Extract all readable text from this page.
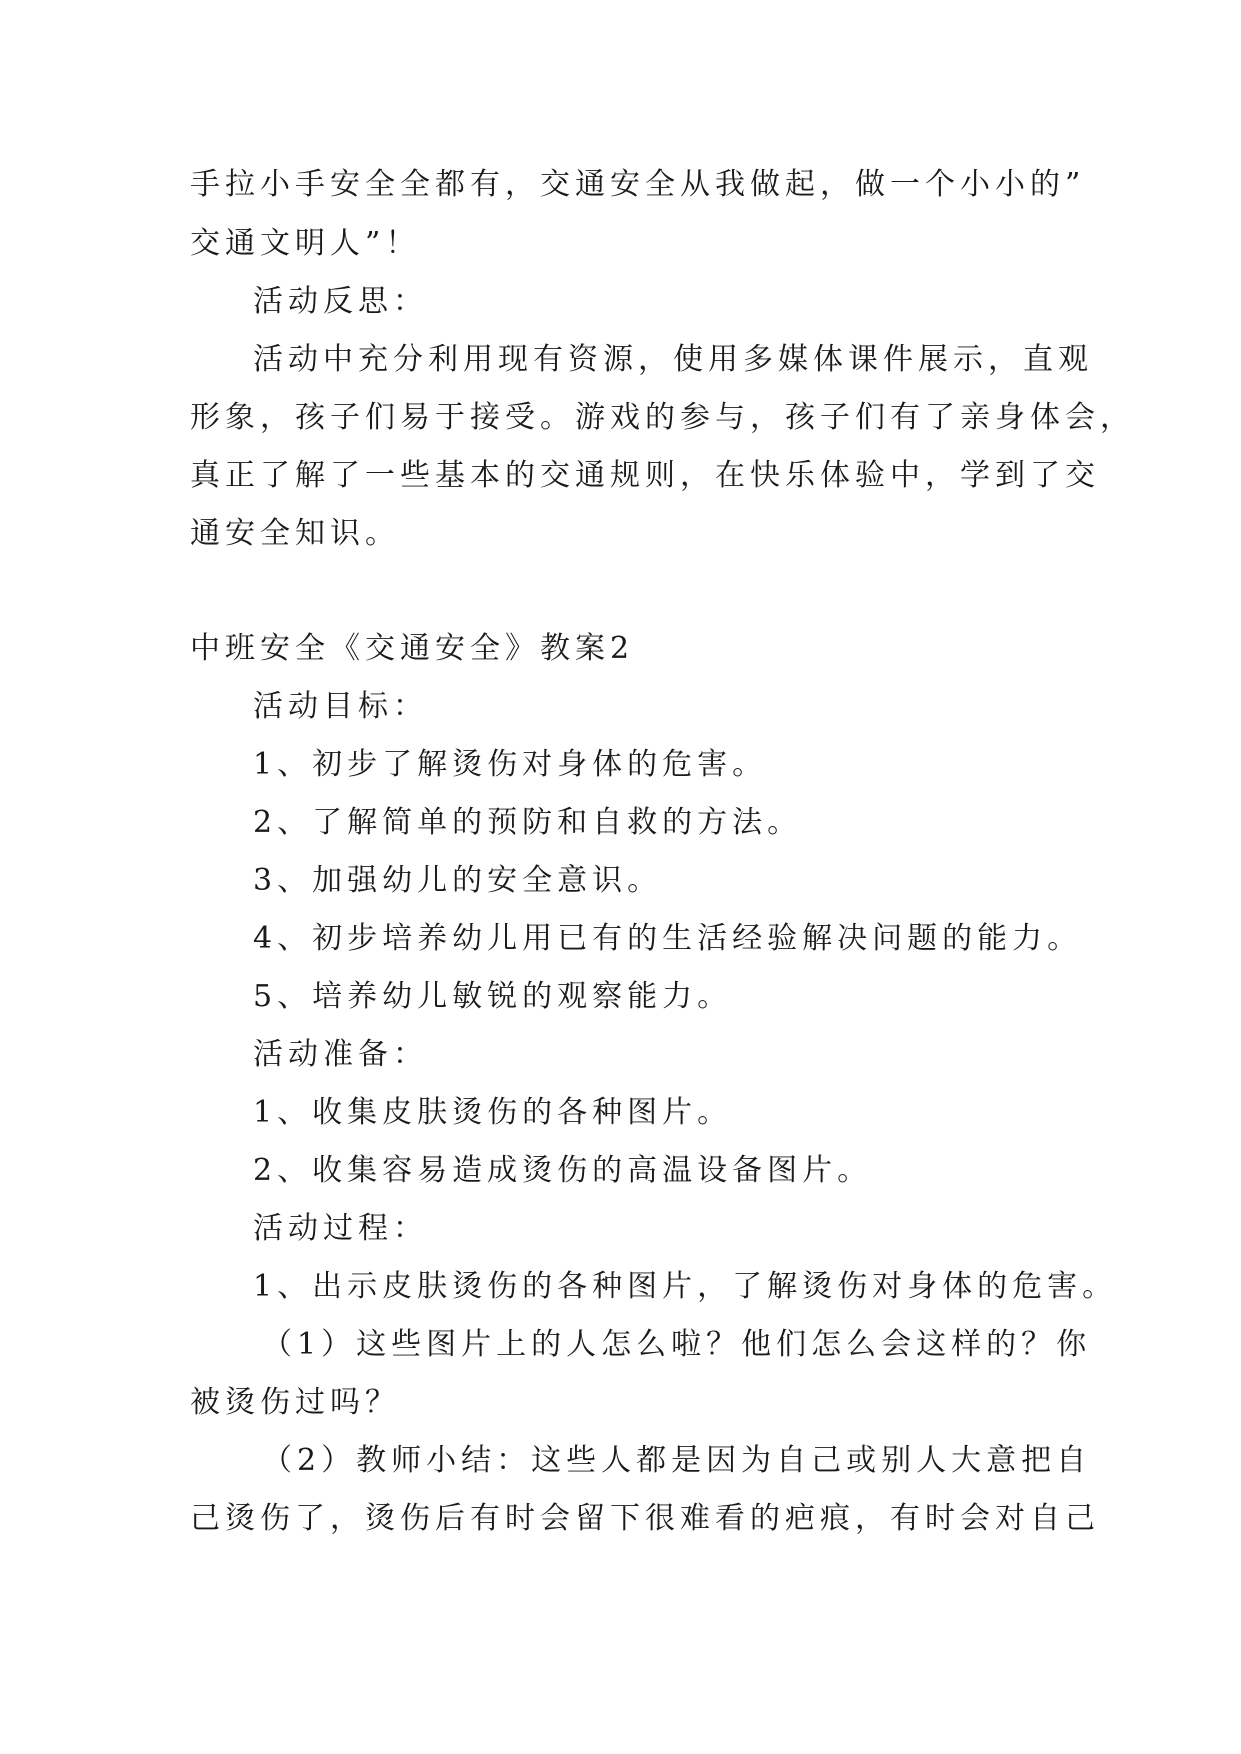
手拉小手安全全都有，交通安全从我做起，做一个小小的”

交通文明人”！

活动反思：

活动中充分利用现有资源，使用多媒体课件展示，直观

形象，孩子们易于接受。游戏的参与，孩子们有了亲身体会，

真正了解了一些基本的交通规则，在快乐体验中，学到了交

通安全知识。

中班安全《交通安全》教案2

活动目标：

1、初步了解烫伤对身体的危害。

2、了解简单的预防和自救的方法。

3、加强幼儿的安全意识。

4、初步培养幼儿用已有的生活经验解决问题的能力。

5、培养幼儿敏锐的观察能力。

活动准备：

1、收集皮肤烫伤的各种图片。

2、收集容易造成烫伤的高温设备图片。

活动过程：

1、出示皮肤烫伤的各种图片，了解烫伤对身体的危害。

（1）这些图片上的人怎么啦？他们怎么会这样的？你

被烫伤过吗？

（2）教师小结：这些人都是因为自己或别人大意把自

己烫伤了，烫伤后有时会留下很难看的疤痕，有时会对自己
